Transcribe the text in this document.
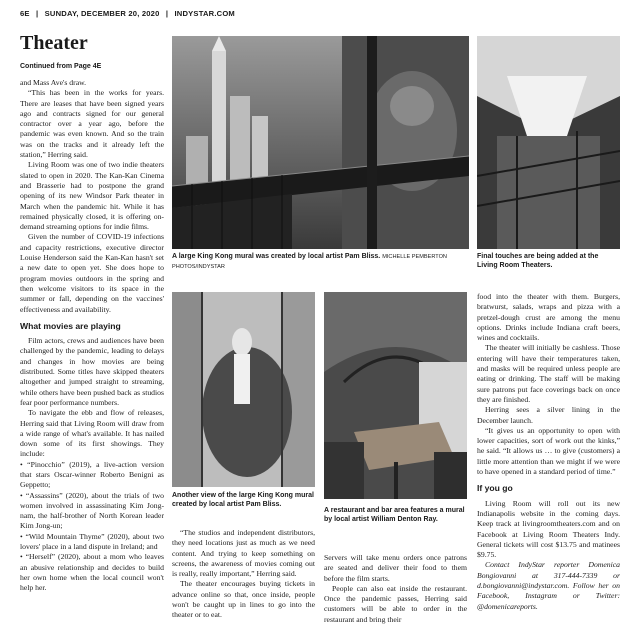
6E | SUNDAY, DECEMBER 20, 2020 | INDYSTAR.COM
Theater
Continued from Page 4E

and Mass Ave's draw.

“This has been in the works for years. There are leases that have been signed years ago and contracts signed for our general contractor over a year ago, before the pandemic was even known. And so the train was on the tracks and it already left the station,” Herring said.

Living Room was one of two indie theaters slated to open in 2020. The Kan-Kan Cinema and Brasserie had to postpone the grand opening of its new Windsor Park theater in March when the pandemic hit. While it has remained physically closed, it is offering on-demand streaming options for indie films.

Given the number of COVID-19 infections and capacity restrictions, executive director Louise Henderson said the Kan-Kan hasn't set a new date to open yet. She does hope to program movies outdoors in the spring and then welcome visitors to its space in the summer or fall, depending on the vaccines' effectiveness and availability.

What movies are playing

Film actors, crews and audiences have been challenged by the pandemic, leading to delays and changes in how movies are being distributed. Some titles have skipped theaters altogether and jumped straight to streaming, while others have been pushed back as studios fear poor performance numbers.

To navigate the ebb and flow of releases, Herring said that Living Room will draw from a wide range of what's available. It has nailed down some of its first showings. They include:

• “Pinocchio” (2019), a live-action version that stars Oscar-winner Roberto Benigni as Geppetto;

• “Assassins” (2020), about the trials of two women involved in assassinating Kim Jong-nam, the half-brother of North Korean leader Kim Jong-un;

• “Wild Mountain Thyme” (2020), about two lovers' place in a land dispute in Ireland; and

• “Herself” (2020), about a mom who leaves an abusive relationship and decides to build her own home when the local council won't help her.

A large King Kong mural was created by local artist Pam Bliss. MICHELLE PEMBERTON PHOTOS/INDYSTAR
Final touches are being added at the Living Room Theaters.
Another view of the large King Kong mural created by local artist Pam Bliss.
A restaurant and bar area features a mural by local artist William Denton Ray.

“The studios and independent distributors, they need locations just as much as we need content. And trying to keep something on screens, the awareness of movies coming out is really, really important,” Herring said.

The theater encourages buying tickets in advance online so that, once inside, people won't be caught up in lines to go into the theater or to eat.

Servers will take menu orders once patrons are seated and deliver their food to them before the film starts.

People can also eat inside the restaurant. Once the pandemic passes, Herring said customers will be able to order in the restaurant and bring their

food into the theater with them. Burgers, bratwurst, salads, wraps and pizza with a pretzel-dough crust are among the menu options. Drinks include Indiana craft beers, wines and cocktails.

The theater will initially be cashless. Those entering will have their temperatures taken, and masks will be required unless people are eating or drinking. The staff will be making sure patrons put face coverings back on once they are finished.

Herring sees a silver lining in the December launch.

“It gives us an opportunity to open with lower capacities, sort of work out the kinks,” he said. “It allows us … to give (customers) a little more attention than we might if we were to have opened in a standard period of time.”

If you go

Living Room will roll out its new Indianapolis website in the coming days. Keep track at livingroomtheaters.com and on Facebook at Living Room Theaters Indy. General tickets will cost $13.75 and matinees $9.75.

Contact IndyStar reporter Domenica Bongiovanni at 317-444-7339 or d.bongiovanni@indystar.com. Follow her on Facebook, Instagram or Twitter: @domenicareports.
